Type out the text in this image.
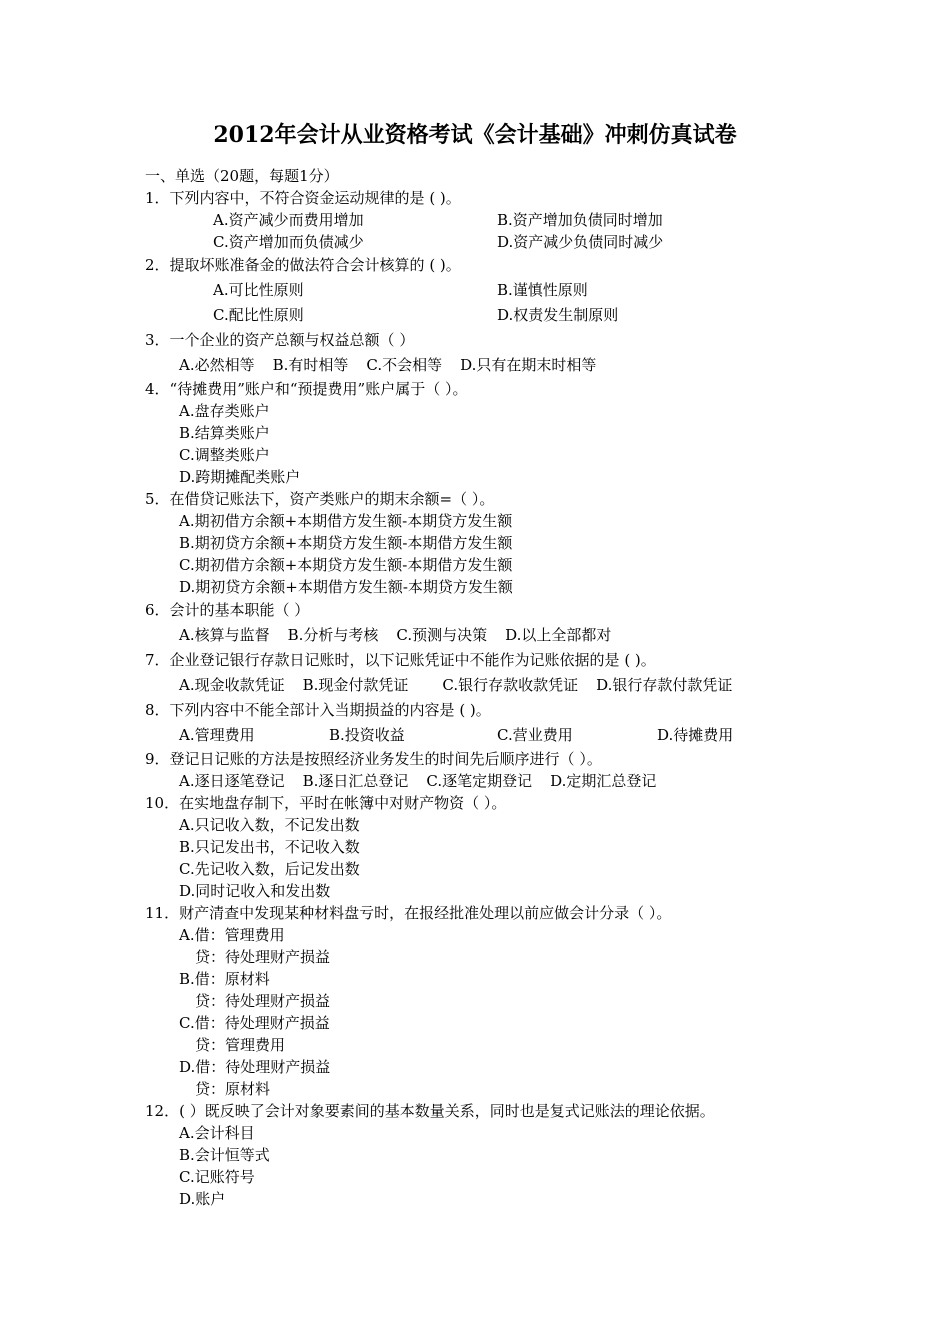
2012年会计从业资格考试《会计基础》冲刺仿真试卷
一、单选（20题，每题1分）
1．下列内容中，不符合资金运动规律的是 ( )。
A.资产减少而费用增加	B.资产增加负债同时增加
C.资产增加而负债减少	D.资产减少负债同时减少
2．提取坏账准备金的做法符合会计核算的 ( )。
A.可比性原则	B.谨慎性原则
C.配比性原则	D.权责发生制原则
3．一个企业的资产总额与权益总额（ ）
A.必然相等 B.有时相等 C.不会相等 D.只有在期末时相等
4．“待摊费用”账户和“预提费用”账户属于（ ）。
A.盘存类账户
B.结算类账户
C.调整类账户
D.跨期摊配类账户
5．在借贷记账法下，资产类账户的期末余额=（ ）。
A.期初借方余额+本期借方发生额-本期贷方发生额
B.期初贷方余额+本期贷方发生额-本期借方发生额
C.期初借方余额+本期贷方发生额-本期借方发生额
D.期初贷方余额+本期借方发生额-本期贷方发生额
6．会计的基本职能（ ）
A.核算与监督 B.分析与考核 C.预测与决策 D.以上全部都对
7．企业登记银行存款日记账时，以下记账凭证中不能作为记账依据的是 ( )。
A.现金收款凭证 B.现金付款凭证 C.银行存款收款凭证 D.银行存款付款凭证
8．下列内容中不能全部计入当期损益的内容是 ( )。
A.管理费用	B.投资收益	C.营业费用	D.待摊费用
9．登记日记账的方法是按照经济业务发生的时间先后顺序进行（ ）。
A.逐日逐笔登记 B.逐日汇总登记 C.逐笔定期登记 D.定期汇总登记
10．在实地盘存制下，平时在帐簿中对财产物资（ ）。
A.只记收入数，不记发出数
B.只记发出书，不记收入数
C.先记收入数，后记发出数
D.同时记收入和发出数
11．财产清查中发现某种材料盘亏时，在报经批准处理以前应做会计分录（ ）。
A.借：管理费用
贷：待处理财产损益
B.借：原材料
贷：待处理财产损益
C.借：待处理财产损益
贷：管理费用
D.借：待处理财产损益
贷：原材料
12．( ）既反映了会计对象要素间的基本数量关系，同时也是复式记账法的理论依据。
A.会计科目
B.会计恒等式
C.记账符号
D.账户
